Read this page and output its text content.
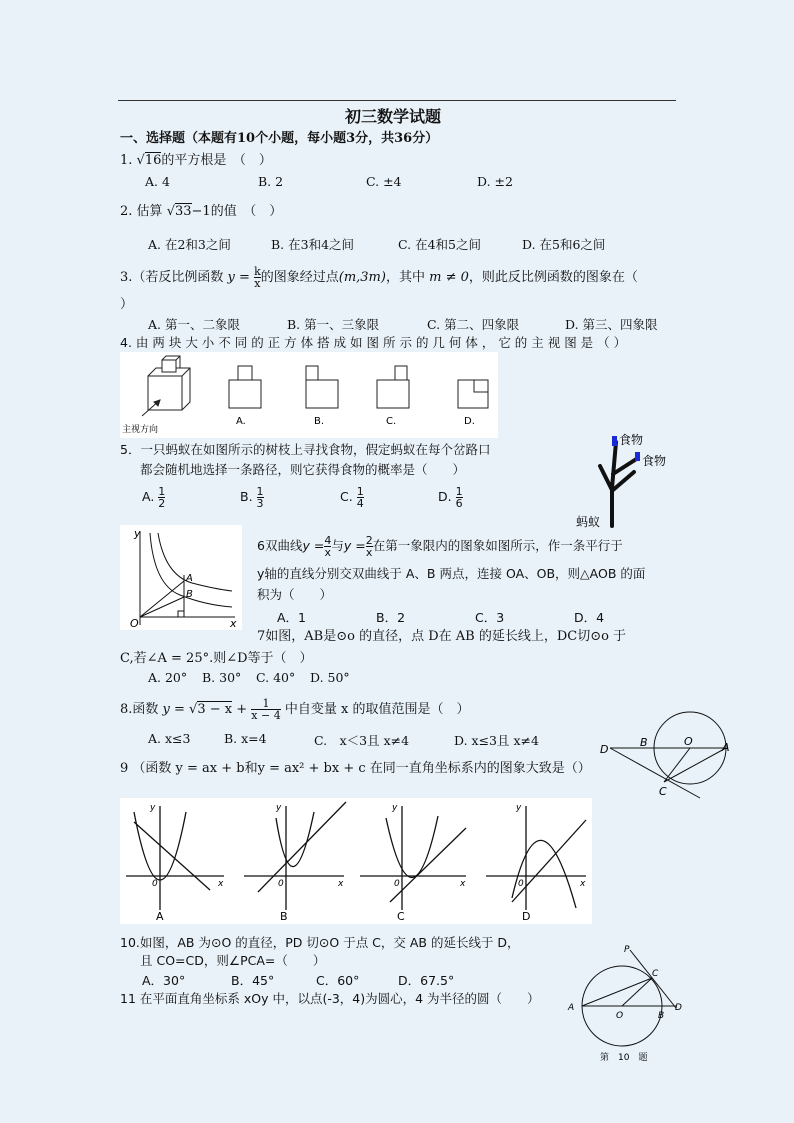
初三数学试题
一、选择题（本题有10个小题，每小题3分，共36分）
1. √16的平方根是　（　）
A. 4	B. 2	C. ±4	D. ±2
2. 估算 √33−1的值　（　）
A. 在2和3之间	B. 在3和4之间	C. 在4和5之间	D. 在5和6之间
3.（若反比例函数 $y = \frac{k}{x}$ 的图象经过点(m,3m)，其中 m ≠ 0，则此反比例函数的图象在（
）
A. 第一、二象限	B. 第一、三象限	C. 第二、四象限	D. 第三、四象限
4. 由 两 块 大 小 不 同 的 正 方 体 搭 成 如 图 所 示 的 几 何 体 ， 它 的 主 视 图 是 （ ）
主视方向
A.	B.	C.	D.
5．一只蚂蚁在如图所示的树枝上寻找食物，假定蚂蚁在每个岔路口
都会随机地选择一条路径，则它获得食物的概率是（　　）
A. $\frac{1}{2}$	B. $\frac{1}{3}$	C. $\frac{1}{4}$	D. $\frac{1}{6}$
食物
食物
蚂蚁
y
x
O
A
B
6双曲线$y = \frac{4}{x}$ 与$y = \frac{2}{x}$ 在第一象限内的图象如图所示，作一条平行于
y轴的直线分别交双曲线于 A、B 两点，连接 OA、OB，则△AOB 的面
积为（　　）
A．1	B．2	C．3	D．4
7如图，AB是⊙o 的直径，点 D在 AB 的延长线上，DC切⊙o 于
C,若∠A = 25°.则∠D等于（　）
A. 20° B. 30° C. 40° D. 50°
D
B	O	A
C
8.函数 $y = √3 - x + \frac{1}{x - 4}$ 中自变量 x 的取值范围是（　）
A. x≤3	B. x=4	C.　x＜3且 x≠4	D. x≤3且 x≠4
9 （函数 y = ax + b和y = ax² + bx + c 在同一直角坐标系内的图象大致是（）
y
x
0
y
x
0
y
x
0
y
x
0
A	B	C	D
10.如图，AB 为⊙O 的直径，PD 切⊙O 于点 C，交 AB 的延长线于 D，
且 CO=CD，则∠PCA=（　　）
A．30°	B．45°	C．60°	D．67.5°
P
C
A
O	B
D
第　10　题
11 在平面直角坐标系 xOy 中，以点(-3，4)为圆心，4 为半径的圆（　　）
